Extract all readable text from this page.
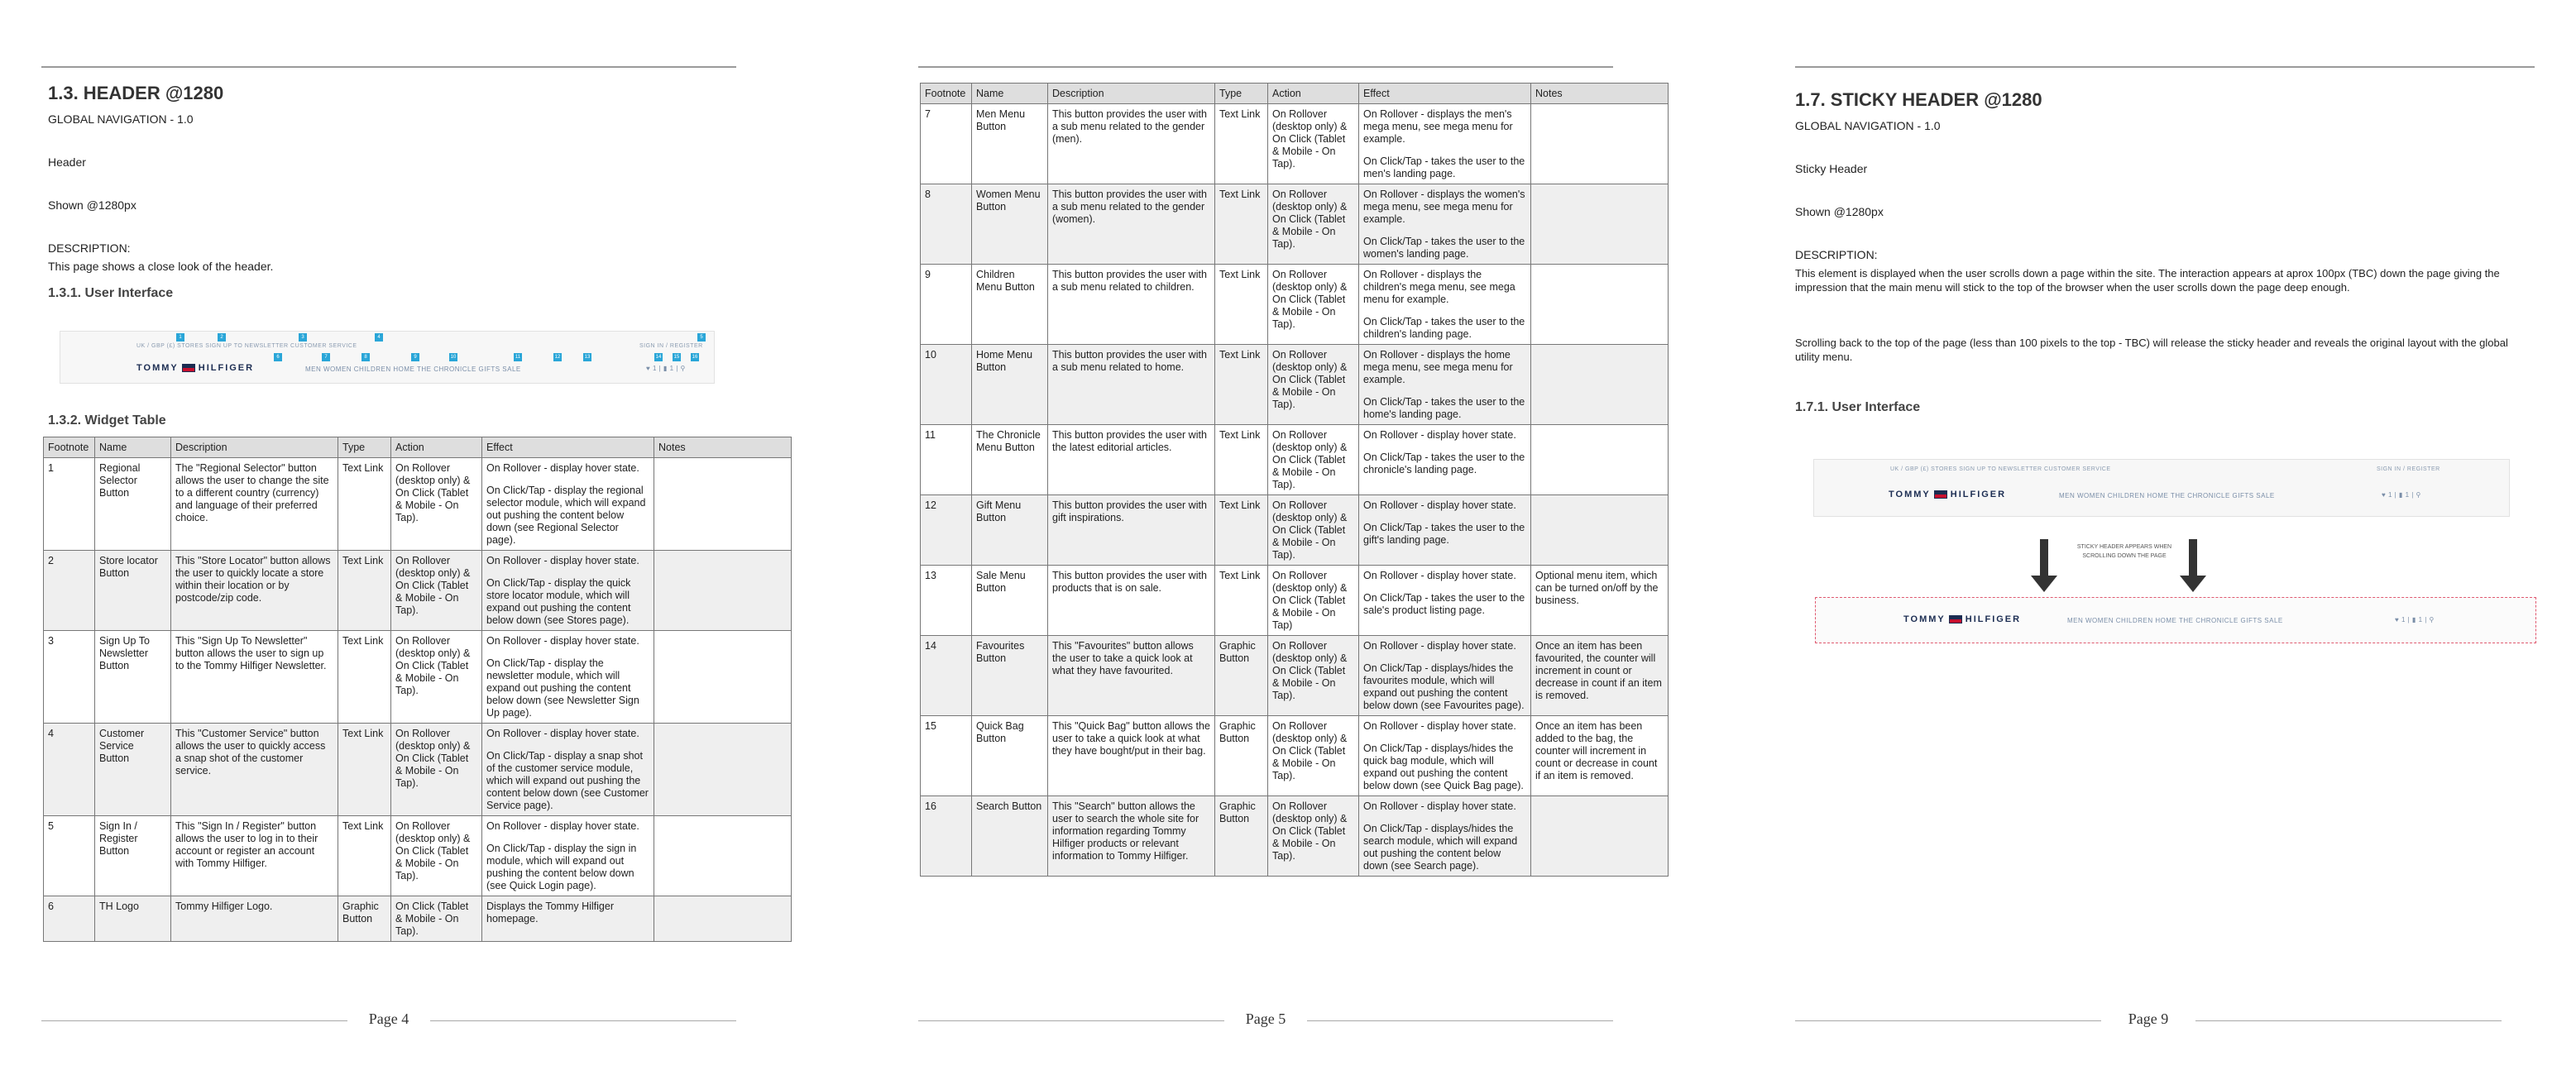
1.3. HEADER @1280

GLOBAL NAVIGATION - 1.0

Header

Shown @1280px

DESCRIPTION:

This page shows a close look of the header.

1.3.1. User Interface
UK / GBP (£) STORES SIGN UP TO NEWSLETTER CUSTOMER SERVICE	SIGN IN / REGISTER
TOMMY HILFIGER	MEN WOMEN CHILDREN HOME THE CHRONICLE GIFTS SALE	♥ 1 | ▮ 1 | ⚲
1	2	3	4	5
6	7	8	9	10	11	12	13	14	15	16
1.3.2. Widget Table
Footnote	Name	Description	Type	Action	Effect	Notes
1	Regional Selector Button	The "Regional Selector" button allows the user to change the site to a different country (currency) and language of their preferred choice.	Text Link	On Rollover (desktop only) & On Click (Tablet & Mobile - On Tap).	On Rollover - display hover state.

On Click/Tap - display the regional selector module, which will expand out pushing the content below down (see Regional Selector page).	

2	Store locator Button	This "Store Locator" button allows the user to quickly locate a store within their location or by postcode/zip code.	Text Link	On Rollover (desktop only) & On Click (Tablet & Mobile - On Tap).	On Rollover - display hover state.

On Click/Tap - display the quick store locator module, which will expand out pushing the content below down (see Stores page).	

3	Sign Up To Newsletter Button	This "Sign Up To Newsletter" button allows the user to sign up to the Tommy Hilfiger Newsletter.	Text Link	On Rollover (desktop only) & On Click (Tablet & Mobile - On Tap).	On Rollover - display hover state.

On Click/Tap - display the newsletter module, which will expand out pushing the content below down (see Newsletter Sign Up page).	

4	Customer Service Button	This "Customer Service" button allows the user to quickly access a snap shot of the customer service.	Text Link	On Rollover (desktop only) & On Click (Tablet & Mobile - On Tap).	On Rollover - display hover state.

On Click/Tap - display a snap shot of the customer service module, which will expand out pushing the content below down (see Customer Service page).	

5	Sign In / Register Button	This "Sign In / Register" button allows the user to log in to their account or register an account with Tommy Hilfiger.	Text Link	On Rollover (desktop only) & On Click (Tablet & Mobile - On Tap).	On Rollover - display hover state.

On Click/Tap - display the sign in module, which will expand out pushing the content below down (see Quick Login page).	

6	TH Logo	Tommy Hilfiger Logo.	Graphic Button	On Click (Tablet & Mobile - On Tap).	Displays the Tommy Hilfiger homepage.	

Page 4
Footnote	Name	Description	Type	Action	Effect	Notes
7	Men Menu Button	This button provides the user with a sub menu related to the gender (men).	Text Link	On Rollover (desktop only) & On Click (Tablet & Mobile - On Tap).	On Rollover - displays the men's mega menu, see mega menu for example.

On Click/Tap - takes the user to the men's landing page.	

8	Women Menu Button	This button provides the user with a sub menu related to the gender (women).	Text Link	On Rollover (desktop only) & On Click (Tablet & Mobile - On Tap).	On Rollover - displays the women's mega menu, see mega menu for example.

On Click/Tap - takes the user to the women's landing page.	

9	Children Menu Button	This button provides the user with a sub menu related to children.	Text Link	On Rollover (desktop only) & On Click (Tablet & Mobile - On Tap).	On Rollover - displays the children's mega menu, see mega menu for example.

On Click/Tap - takes the user to the children's landing page.	

10	Home Menu Button	This button provides the user with a sub menu related to home.	Text Link	On Rollover (desktop only) & On Click (Tablet & Mobile - On Tap).	On Rollover - displays the home mega menu, see mega menu for example.

On Click/Tap - takes the user to the home's landing page.	

11	The Chronicle Menu Button	This button provides the user with the latest editorial articles.	Text Link	On Rollover (desktop only) & On Click (Tablet & Mobile - On Tap).	On Rollover - display hover state.

On Click/Tap - takes the user to the chronicle's landing page.	

12	Gift Menu Button	This button provides the user with gift inspirations.	Text Link	On Rollover (desktop only) & On Click (Tablet & Mobile - On Tap).	On Rollover - display hover state.

On Click/Tap - takes the user to the gift's landing page.	

13	Sale Menu Button	This button provides the user with products that is on sale.	Text Link	On Rollover (desktop only) & On Click (Tablet & Mobile - On Tap)	On Rollover - display hover state.

On Click/Tap - takes the user to the sale's product listing page.	Optional menu item, which can be turned on/off by the business.
14	Favourites Button	This "Favourites" button allows the user to take a quick look at what they have favourited.	Graphic Button	On Rollover (desktop only) & On Click (Tablet & Mobile - On Tap).	On Rollover - display hover state.

On Click/Tap - displays/hides the favourites module, which will expand out pushing the content below down (see Favourites page).	Once an item has been favourited, the counter will increment in count or decrease in count if an item is removed.
15	Quick Bag Button	This "Quick Bag" button allows the user to take a quick look at what they have bought/put in their bag.	Graphic Button	On Rollover (desktop only) & On Click (Tablet & Mobile - On Tap).	On Rollover - display hover state.

On Click/Tap - displays/hides the quick bag module, which will expand out pushing the content below down (see Quick Bag page).	Once an item has been added to the bag, the counter will increment in count or decrease in count if an item is removed.
16	Search Button	This "Search" button allows the user to search the whole site for information regarding Tommy Hilfiger products or relevant information to Tommy Hilfiger.	Graphic Button	On Rollover (desktop only) & On Click (Tablet & Mobile - On Tap).	On Rollover - display hover state.

On Click/Tap - displays/hides the search module, which will expand out pushing the content below down (see Search page).	

Page 5
1.7. STICKY HEADER @1280

GLOBAL NAVIGATION - 1.0

Sticky Header

Shown @1280px

DESCRIPTION:

This element is displayed when the user scrolls down a page within the site. The interaction appears at aprox 100px (TBC) down the page giving the impression that the main menu will stick to the top of the browser when the user scrolls down the page deep enough.

Scrolling back to the top of the page (less than 100 pixels to the top - TBC) will release the sticky header and reveals the original layout with the global utility menu.

1.7.1. User Interface
UK / GBP (£) STORES SIGN UP TO NEWSLETTER CUSTOMER SERVICE	SIGN IN / REGISTER
TOMMY HILFIGER	MEN WOMEN CHILDREN HOME THE CHRONICLE GIFTS SALE	♥ 1 | ▮ 1 | ⚲
STICKY HEADER APPEARS WHEN SCROLLING DOWN THE PAGE
TOMMY HILFIGER	MEN WOMEN CHILDREN HOME THE CHRONICLE GIFTS SALE	♥ 1 | ▮ 1 | ⚲
Page 9
